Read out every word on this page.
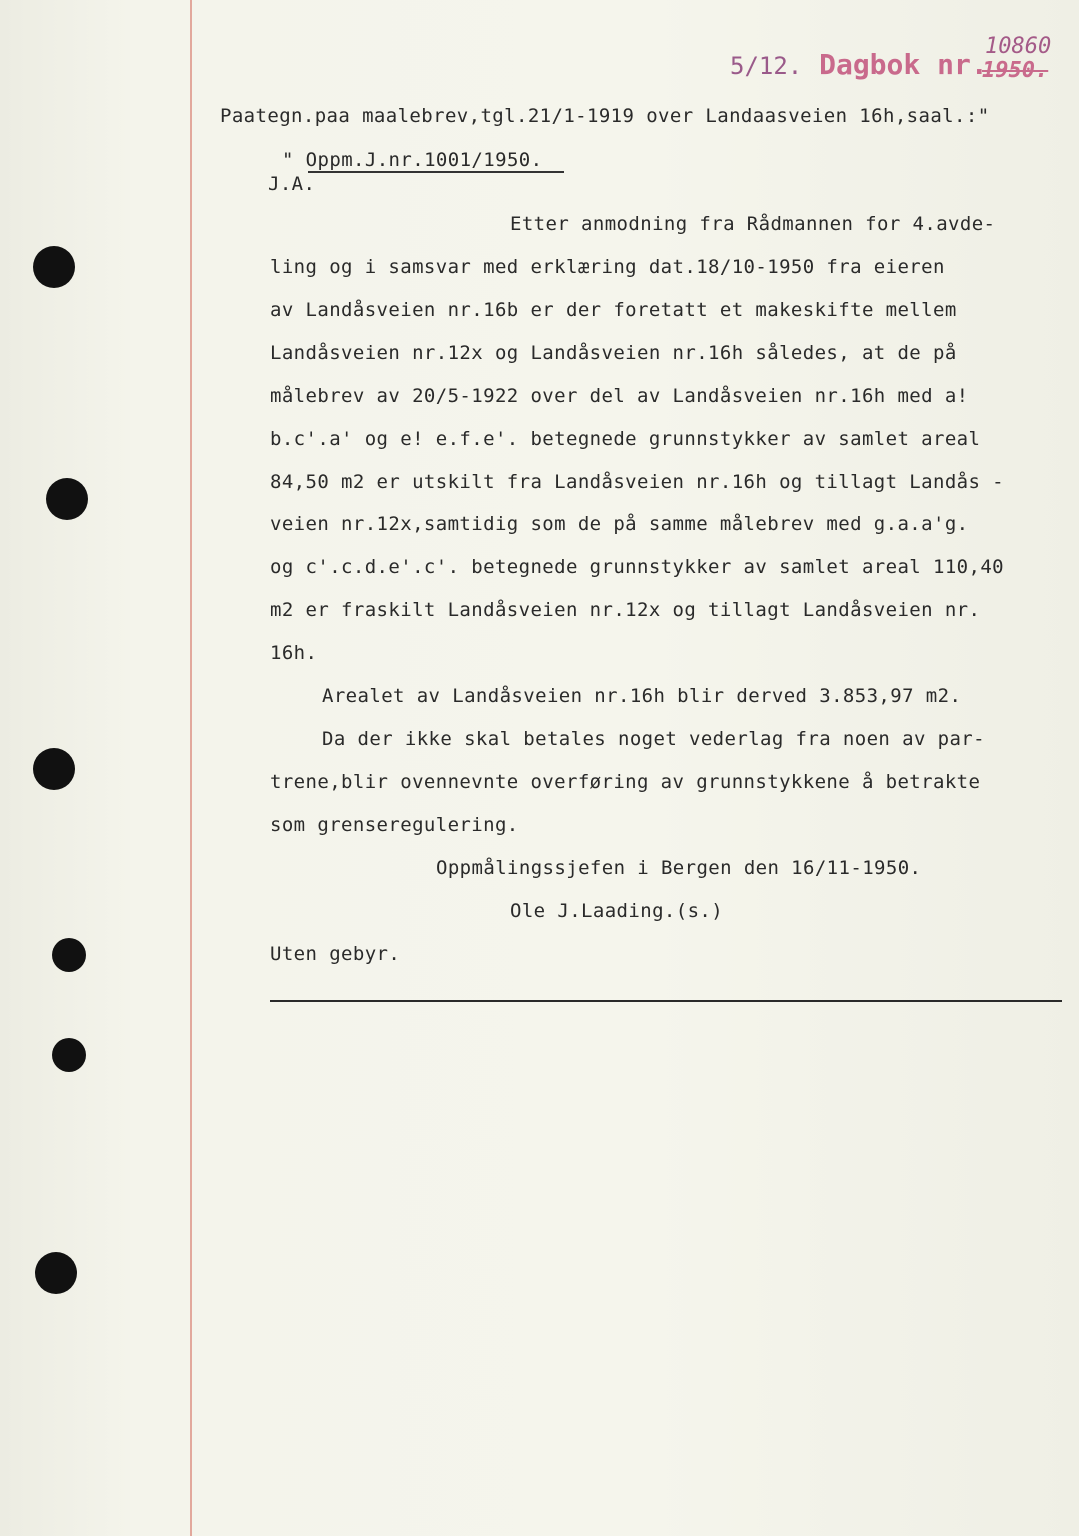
5/12. Dagbok nr.
10860
1950.
Paategn.paa maalebrev,tgl.21/1-1919 over Landaasveien 16h,saal.:"
" Oppm.J.nr.1001/1950.
J.A.
Etter anmodning fra Rådmannen for 4.avde-
ling og i samsvar med erklæring dat.18/10-1950 fra eieren
av Landåsveien nr.16b er der foretatt et makeskifte mellem
Landåsveien nr.12x og Landåsveien nr.16h således, at de på
målebrev av 20/5-1922 over del av Landåsveien nr.16h med a!
b.c'.a' og e! e.f.e'. betegnede grunnstykker av samlet areal
84,50 m2 er utskilt fra Landåsveien nr.16h og tillagt Landås -
veien nr.12x,samtidig som de på samme målebrev med g.a.a'g.
og c'.c.d.e'.c'. betegnede grunnstykker av samlet areal 110,40
m2 er fraskilt Landåsveien nr.12x og tillagt Landåsveien nr.
16h.
Arealet av Landåsveien nr.16h blir derved 3.853,97 m2.
Da der ikke skal betales noget vederlag fra noen av par-
trene,blir ovennevnte overføring av grunnstykkene å betrakte
som grenseregulering.
Oppmålingssjefen i Bergen den 16/11-1950.
Ole J.Laading.(s.)
Uten gebyr.
